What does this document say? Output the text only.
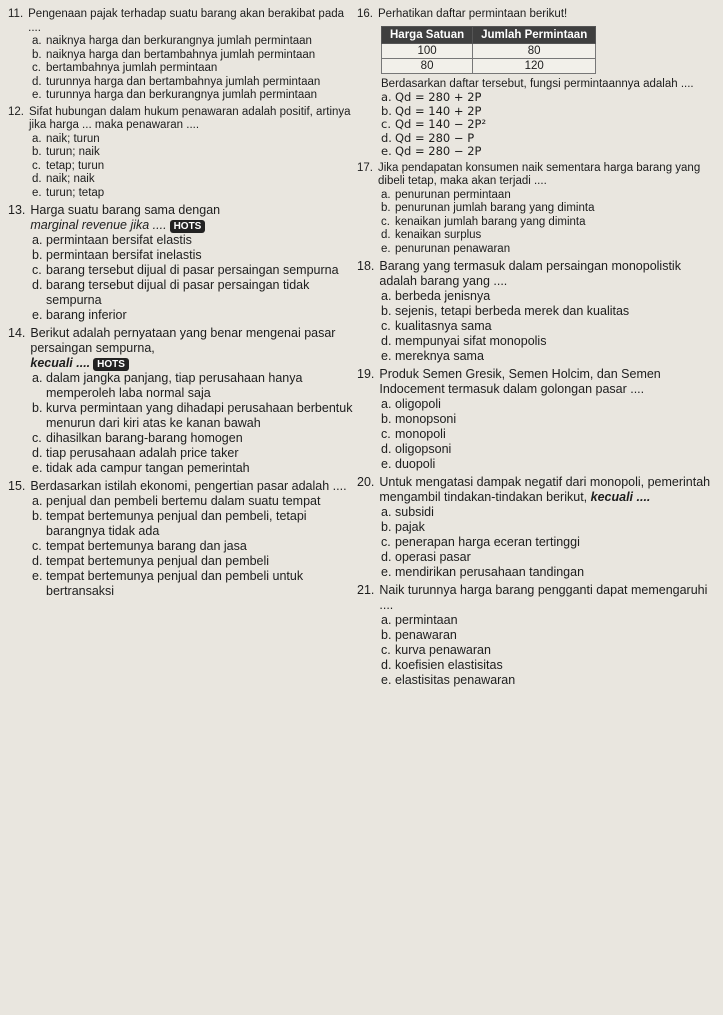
11. Pengenaan pajak terhadap suatu barang akan berakibat pada ....
a. naiknya harga dan berkurangnya jumlah permintaan
b. naiknya harga dan bertambahnya jumlah permintaan
c. bertambahnya jumlah permintaan
d. turunnya harga dan bertambahnya jumlah permintaan
e. turunnya harga dan berkurangnya jumlah permintaan
12. Sifat hubungan dalam hukum penawaran adalah positif, artinya jika harga ... maka penawaran ....
a. naik; turun
b. turun; naik
c. tetap; turun
d. naik; naik
e. turun; tetap
13. Harga suatu barang sama dengan
marginal revenue jika .... HOTS
a. permintaan bersifat elastis
b. permintaan bersifat inelastis
c. barang tersebut dijual di pasar persaingan sempurna
d. barang tersebut dijual di pasar persaingan tidak sempurna
e. barang inferior
14. Berikut adalah pernyataan yang benar mengenai pasar persaingan sempurna,
kecuali .... HOTS
a. dalam jangka panjang, tiap perusahaan hanya memperoleh laba normal saja
b. kurva permintaan yang dihadapi perusahaan berbentuk menurun dari kiri atas ke kanan bawah
c. dihasilkan barang-barang homogen
d. tiap perusahaan adalah price taker
e. tidak ada campur tangan pemerintah
15. Berdasarkan istilah ekonomi, pengertian pasar adalah ....
a. penjual dan pembeli bertemu dalam suatu tempat
b. tempat bertemunya penjual dan pembeli, tetapi barangnya tidak ada
c. tempat bertemunya barang dan jasa
d. tempat bertemunya penjual dan pembeli
e. tempat bertemunya penjual dan pembeli untuk bertransaksi
16. Perhatikan daftar permintaan berikut!
Harga Satuan	Jumlah Permintaan
100	80
80	120
Berdasarkan daftar tersebut, fungsi permintaannya adalah ....
a. Qd = 280 + 2P
b. Qd = 140 + 2P
c. Qd = 140 − 2P²
d. Qd = 280 − P
e. Qd = 280 − 2P
17. Jika pendapatan konsumen naik sementara harga barang yang dibeli tetap, maka akan terjadi ....
a. penurunan permintaan
b. penurunan jumlah barang yang diminta
c. kenaikan jumlah barang yang diminta
d. kenaikan surplus
e. penurunan penawaran
18. Barang yang termasuk dalam persaingan monopolistik adalah barang yang ....
a. berbeda jenisnya
b. sejenis, tetapi berbeda merek dan kualitas
c. kualitasnya sama
d. mempunyai sifat monopolis
e. mereknya sama
19. Produk Semen Gresik, Semen Holcim, dan Semen Indocement termasuk dalam golongan pasar ....
a. oligopoli
b. monopsoni
c. monopoli
d. oligopsoni
e. duopoli
20. Untuk mengatasi dampak negatif dari monopoli, pemerintah mengambil tindakan-tindakan berikut, kecuali ....
a. subsidi
b. pajak
c. penerapan harga eceran tertinggi
d. operasi pasar
e. mendirikan perusahaan tandingan
21. Naik turunnya harga barang pengganti dapat memengaruhi ....
a. permintaan
b. penawaran
c. kurva penawaran
d. koefisien elastisitas
e. elastisitas penawaran
